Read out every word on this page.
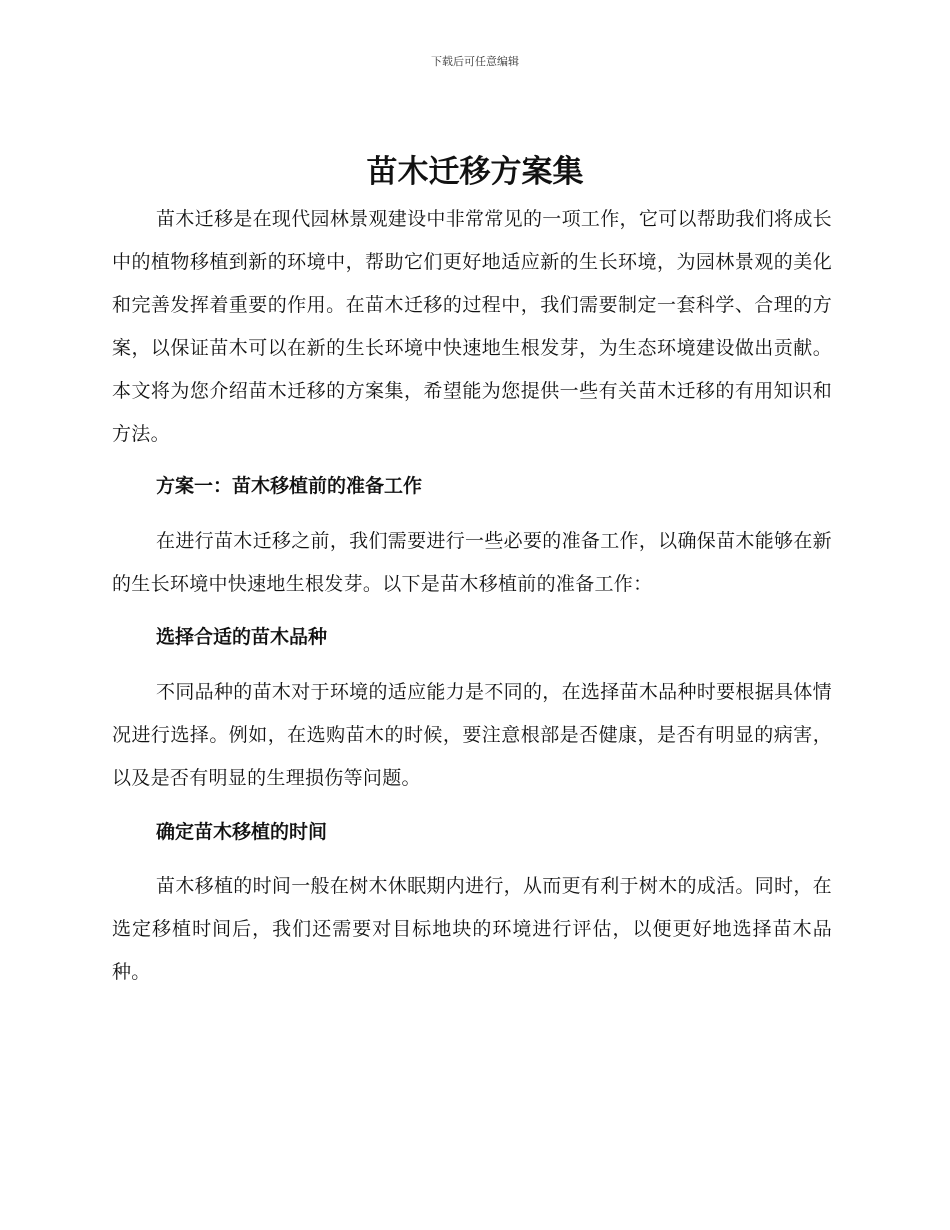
下载后可任意编辑
苗木迁移方案集

苗木迁移是在现代园林景观建设中非常常见的一项工作，它可以帮助我们将成长中的植物移植到新的环境中，帮助它们更好地适应新的生长环境，为园林景观的美化和完善发挥着重要的作用。在苗木迁移的过程中，我们需要制定一套科学、合理的方案，以保证苗木可以在新的生长环境中快速地生根发芽，为生态环境建设做出贡献。本文将为您介绍苗木迁移的方案集，希望能为您提供一些有关苗木迁移的有用知识和方法。

方案一：苗木移植前的准备工作

在进行苗木迁移之前，我们需要进行一些必要的准备工作，以确保苗木能够在新的生长环境中快速地生根发芽。以下是苗木移植前的准备工作：

选择合适的苗木品种

不同品种的苗木对于环境的适应能力是不同的，在选择苗木品种时要根据具体情况进行选择。例如，在选购苗木的时候，要注意根部是否健康，是否有明显的病害，以及是否有明显的生理损伤等问题。

确定苗木移植的时间

苗木移植的时间一般在树木休眠期内进行，从而更有利于树木的成活。同时，在选定移植时间后，我们还需要对目标地块的环境进行评估，以便更好地选择苗木品种。
